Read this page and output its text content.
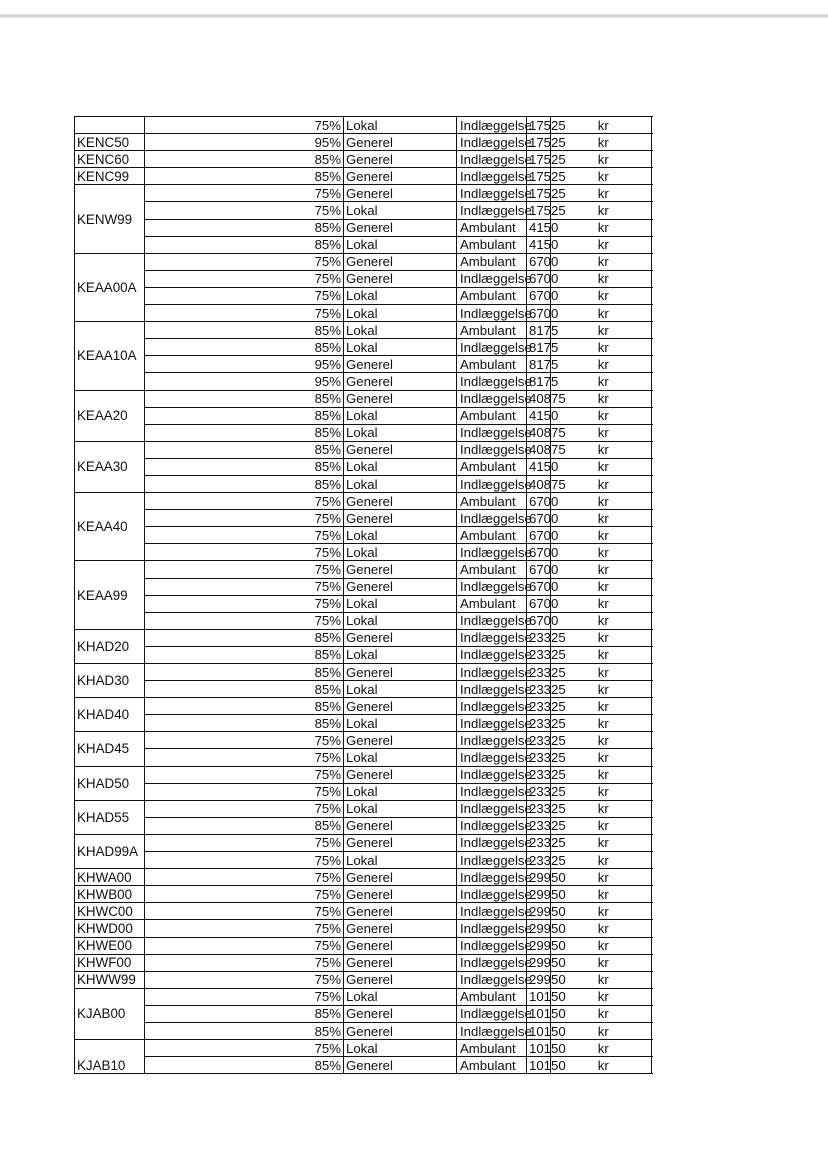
		75%	Lokal	Indlæggelse	17525	kr	
KENC50		95%	Generel	Indlæggelse	17525	kr	
KENC60		85%	Generel	Indlæggelse	17525	kr	
KENC99		85%	Generel	Indlæggelse	17525	kr	
KENW99		75%	Generel	Indlæggelse	17525	kr	
		75%	Lokal	Indlæggelse	17525	kr	
		85%	Generel	Ambulant	4150	kr	
		85%	Lokal	Ambulant	4150	kr	
KEAA00A		75%	Generel	Ambulant	6700	kr	
		75%	Generel	Indlæggelse	6700	kr	
		75%	Lokal	Ambulant	6700	kr	
		75%	Lokal	Indlæggelse	6700	kr	
KEAA10A		85%	Lokal	Ambulant	8175	kr	
		85%	Lokal	Indlæggelse	8175	kr	
		95%	Generel	Ambulant	8175	kr	
		95%	Generel	Indlæggelse	8175	kr	
KEAA20		85%	Generel	Indlæggelse	40875	kr	
		85%	Lokal	Ambulant	4150	kr	
		85%	Lokal	Indlæggelse	40875	kr	
KEAA30		85%	Generel	Indlæggelse	40875	kr	
		85%	Lokal	Ambulant	4150	kr	
		85%	Lokal	Indlæggelse	40875	kr	
KEAA40		75%	Generel	Ambulant	6700	kr	
		75%	Generel	Indlæggelse	6700	kr	
		75%	Lokal	Ambulant	6700	kr	
		75%	Lokal	Indlæggelse	6700	kr	
KEAA99		75%	Generel	Ambulant	6700	kr	
		75%	Generel	Indlæggelse	6700	kr	
		75%	Lokal	Ambulant	6700	kr	
		75%	Lokal	Indlæggelse	6700	kr	
KHAD20		85%	Generel	Indlæggelse	23325	kr	
		85%	Lokal	Indlæggelse	23325	kr	
KHAD30		85%	Generel	Indlæggelse	23325	kr	
		85%	Lokal	Indlæggelse	23325	kr	
KHAD40		85%	Generel	Indlæggelse	23325	kr	
		85%	Lokal	Indlæggelse	23325	kr	
KHAD45		75%	Generel	Indlæggelse	23325	kr	
		75%	Lokal	Indlæggelse	23325	kr	
KHAD50		75%	Generel	Indlæggelse	23325	kr	
		75%	Lokal	Indlæggelse	23325	kr	
KHAD55		75%	Lokal	Indlæggelse	23325	kr	
		85%	Generel	Indlæggelse	23325	kr	
KHAD99A		75%	Generel	Indlæggelse	23325	kr	
		75%	Lokal	Indlæggelse	23325	kr	
KHWA00		75%	Generel	Indlæggelse	29950	kr	
KHWB00		75%	Generel	Indlæggelse	29950	kr	
KHWC00		75%	Generel	Indlæggelse	29950	kr	
KHWD00		75%	Generel	Indlæggelse	29950	kr	
KHWE00		75%	Generel	Indlæggelse	29950	kr	
KHWF00		75%	Generel	Indlæggelse	29950	kr	
KHWW99		75%	Generel	Indlæggelse	29950	kr	
KJAB00		75%	Lokal	Ambulant	10150	kr	
		85%	Generel	Indlæggelse	10150	kr	
		85%	Generel	Indlæggelse	10150	kr	
KJAB10		75%	Lokal	Ambulant	10150	kr	
		85%	Generel	Ambulant	10150	kr	
